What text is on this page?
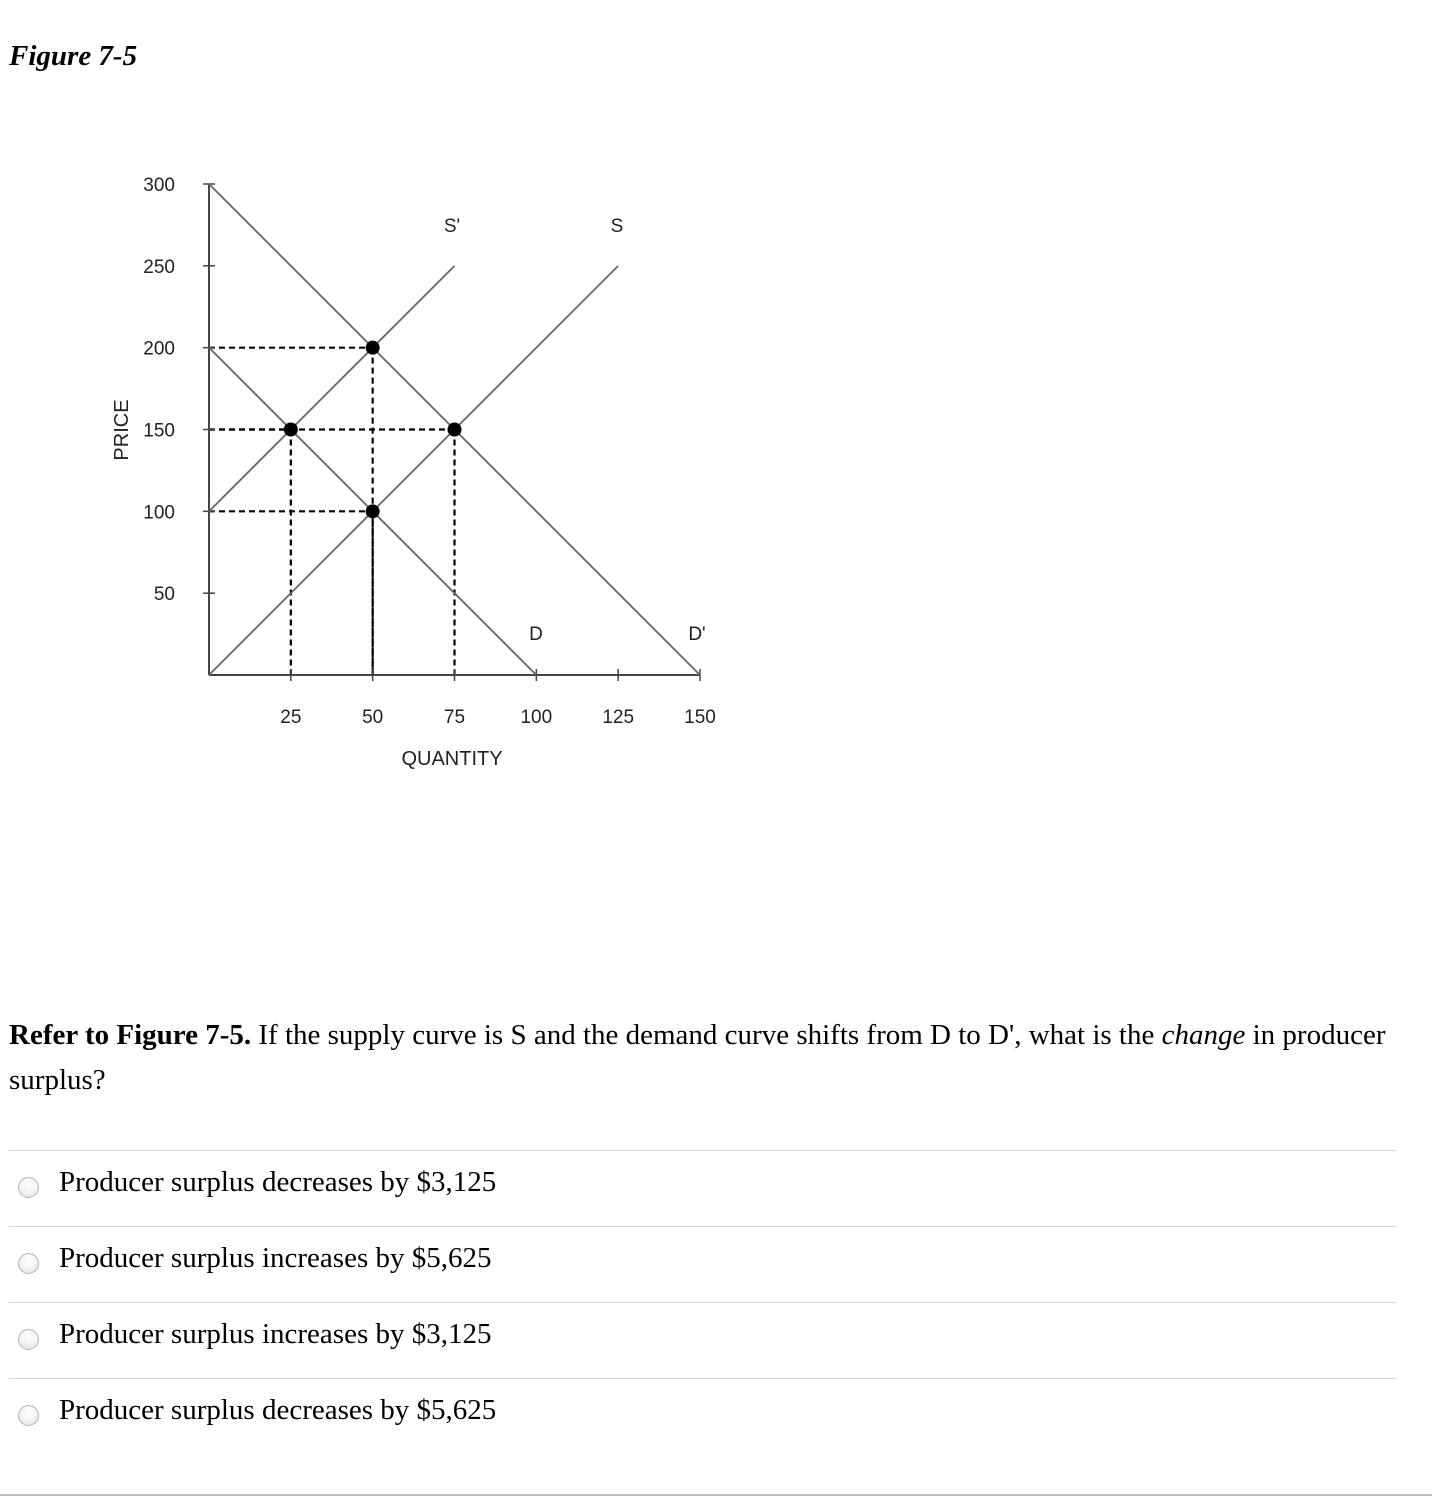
Figure 7-5
50
100
150
200
250
300
25	50	75	100	125	150
D	D'
S
S'
QUANTITY
PRICE
Refer to Figure 7-5. If the supply curve is S and the demand curve shifts from D to D', what is the change in producer surplus?
Producer surplus decreases by $3,125
Producer surplus increases by $5,625
Producer surplus increases by $3,125
Producer surplus decreases by $5,625
